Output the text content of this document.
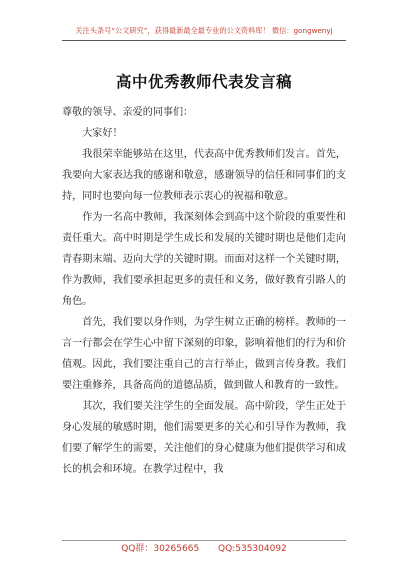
关注头条号“公文研究”，获得最新最全最专业的公文资料库！ 微信：gongwenyj
高中优秀教师代表发言稿

尊敬的领导、亲爱的同事们：

大家好！

我很荣幸能够站在这里，代表高中优秀教师们发言。首先，我要向大家表达我的感谢和敬意，感谢领导的信任和同事们的支持，同时也要向每一位教师表示衷心的祝福和敬意。

作为一名高中教师，我深刻体会到高中这个阶段的重要性和责任重大。高中时期是学生成长和发展的关键时期也是他们走向青春期末端、迈向大学的关键时期。而面对这样一个关键时期，作为教师，我们要承担起更多的责任和义务，做好教育引路人的角色。

首先，我们要以身作则，为学生树立正确的榜样。教师的一言一行都会在学生心中留下深刻的印象，影响着他们的行为和价值观。因此，我们要注重自己的言行举止，做到言传身教。我们要注重修养，具备高尚的道德品质，做到做人和教育的一致性。

其次，我们要关注学生的全面发展。高中阶段，学生正处于身心发展的敏感时期，他们需要更多的关心和引导作为教师，我们要了解学生的需要，关注他们的身心健康为他们提供学习和成长的机会和环境。在教学过程中，我

QQ群：30265665 QQ:535304092
